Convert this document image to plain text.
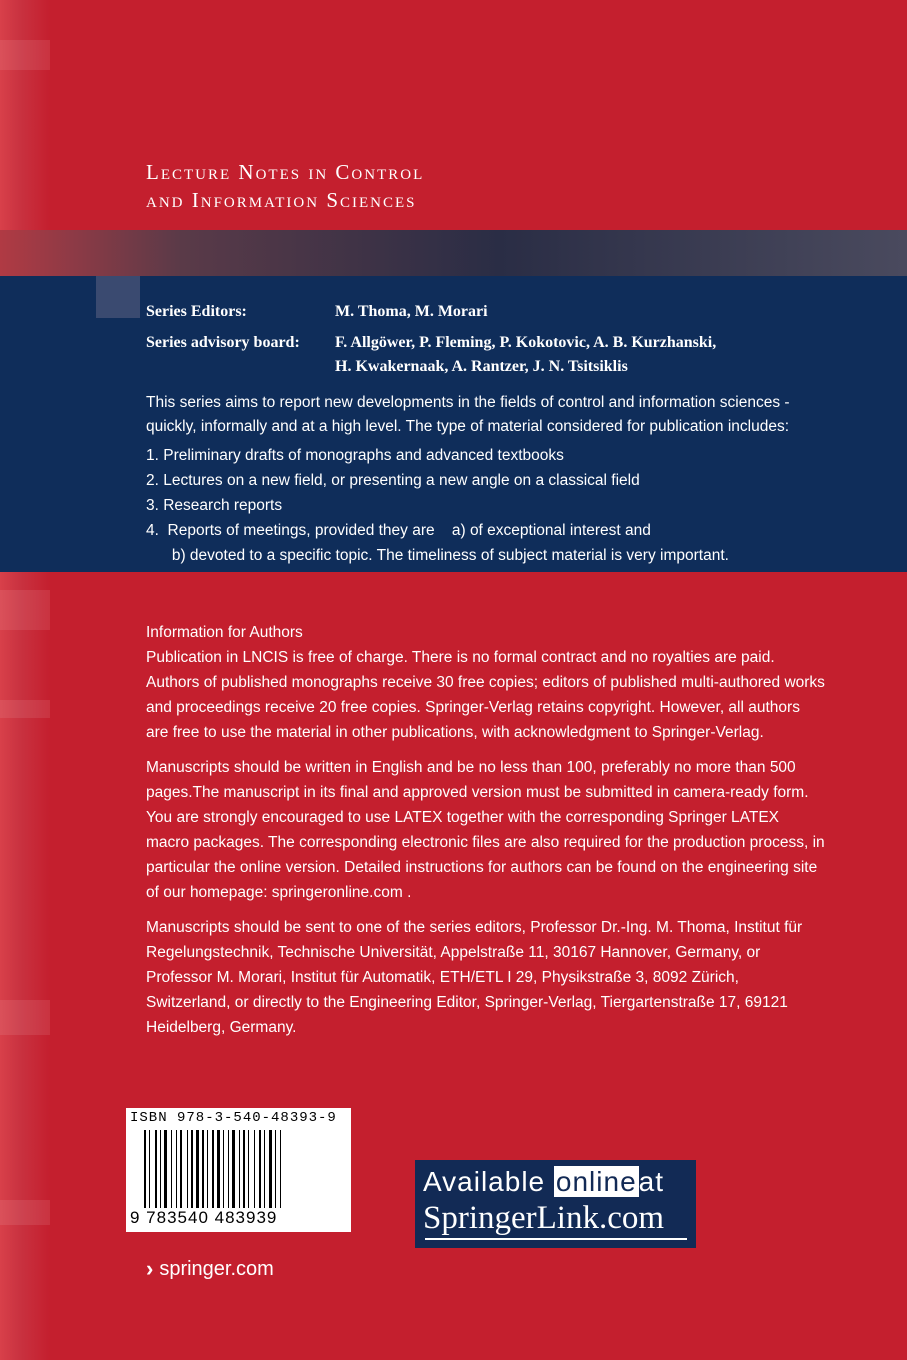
Lecture Notes in Control
and Information Sciences
Series Editors:	M. Thoma, M. Morari
Series advisory board: F. Allgöwer, P. Fleming, P. Kokotovic, A. B. Kurzhanski,
H. Kwakernaak, A. Rantzer, J. N. Tsitsiklis
This series aims to report new developments in the fields of control and information sciences -
quickly, informally and at a high level. The type of material considered for publication includes:
1. Preliminary drafts of monographs and advanced textbooks
2. Lectures on a new field, or presenting a new angle on a classical field
3. Research reports
4.  Reports of meetings, provided they are    a) of exceptional interest and
b) devoted to a specific topic. The timeliness of subject material is very important.

Information for Authors

Publication in LNCIS is free of charge. There is no formal contract and no royalties are paid. Authors of published monographs receive 30 free copies; editors of published multi-authored works and proceedings receive 20 free copies. Springer-Verlag retains copyright. However, all authors are free to use the material in other publications, with acknowledgment to Springer-Verlag.

Manuscripts should be written in English and be no less than 100, preferably no more than 500 pages.The manuscript in its final and approved version must be submitted in camera-ready form. You are strongly encouraged to use LATEX together with the corresponding Springer LATEX macro packages. The corresponding electronic files are also required for the production process, in particular the online version. Detailed instructions for authors can be found on the engineering site of our homepage: springeronline.com .

Manuscripts should be sent to one of the series editors, Professor Dr.-Ing. M. Thoma, Institut für Regelungstechnik, Technische Universität, Appelstraße 11, 30167 Hannover, Germany, or Professor M. Morari, Institut für Automatik, ETH/ETL I 29, Physikstraße 3, 8092 Zürich, Switzerland, or directly to the Engineering Editor, Springer-Verlag, Tiergartenstraße 17, 69121 Heidelberg, Germany.

ISBN 978-3-540-48393-9
9 783540 483939
› springer.com
Available onlineat
SpringerLink.com
